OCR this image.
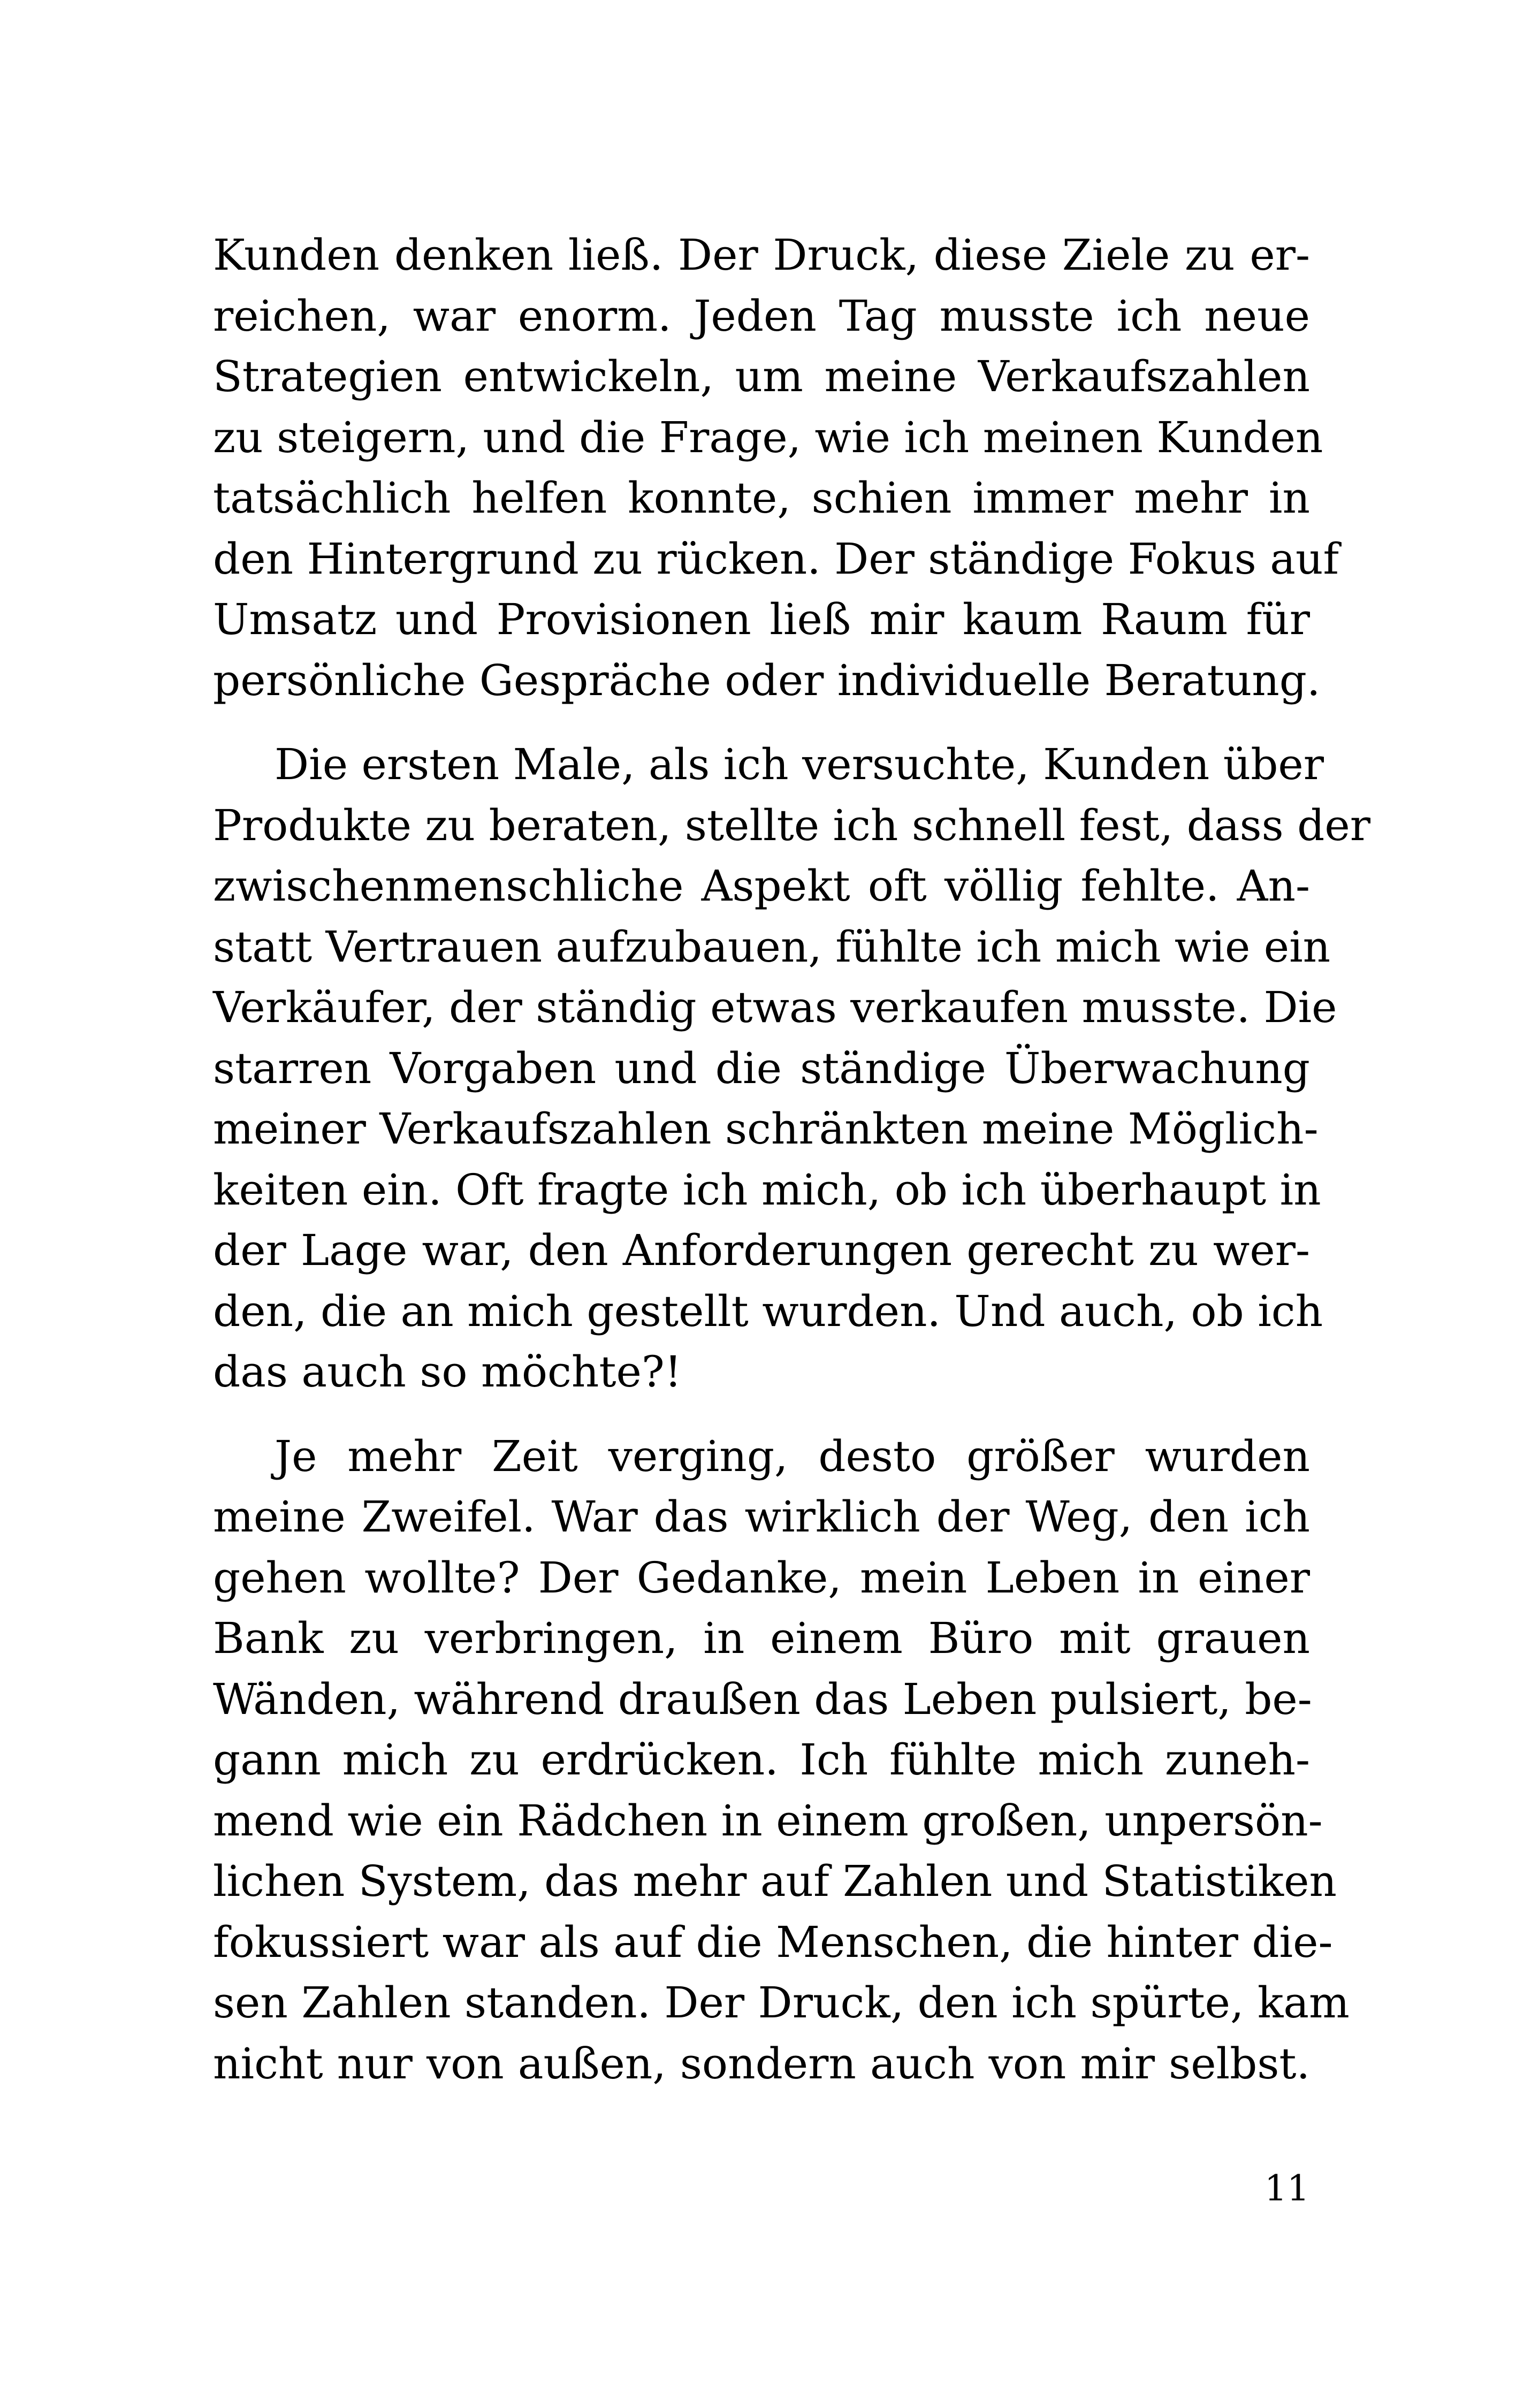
Kunden denken ließ. Der Druck, diese Ziele zu er-
reichen, war enorm. Jeden Tag musste ich neue
Strategien entwickeln, um meine Verkaufszahlen
zu steigern, und die Frage, wie ich meinen Kunden
tatsächlich helfen konnte, schien immer mehr in
den Hintergrund zu rücken. Der ständige Fokus auf
Umsatz und Provisionen ließ mir kaum Raum für
persönliche Gespräche oder individuelle Beratung.

Die ersten Male, als ich versuchte, Kunden über
Produkte zu beraten, stellte ich schnell fest, dass der
zwischenmenschliche Aspekt oft völlig fehlte. An-
statt Vertrauen aufzubauen, fühlte ich mich wie ein
Verkäufer, der ständig etwas verkaufen musste. Die
starren Vorgaben und die ständige Überwachung
meiner Verkaufszahlen schränkten meine Möglich-
keiten ein. Oft fragte ich mich, ob ich überhaupt in
der Lage war, den Anforderungen gerecht zu wer-
den, die an mich gestellt wurden. Und auch, ob ich
das auch so möchte?!

Je mehr Zeit verging, desto größer wurden
meine Zweifel. War das wirklich der Weg, den ich
gehen wollte? Der Gedanke, mein Leben in einer
Bank zu verbringen, in einem Büro mit grauen
Wänden, während draußen das Leben pulsiert, be-
gann mich zu erdrücken. Ich fühlte mich zuneh-
mend wie ein Rädchen in einem großen, unpersön-
lichen System, das mehr auf Zahlen und Statistiken
fokussiert war als auf die Menschen, die hinter die-
sen Zahlen standen. Der Druck, den ich spürte, kam
nicht nur von außen, sondern auch von mir selbst.

11
